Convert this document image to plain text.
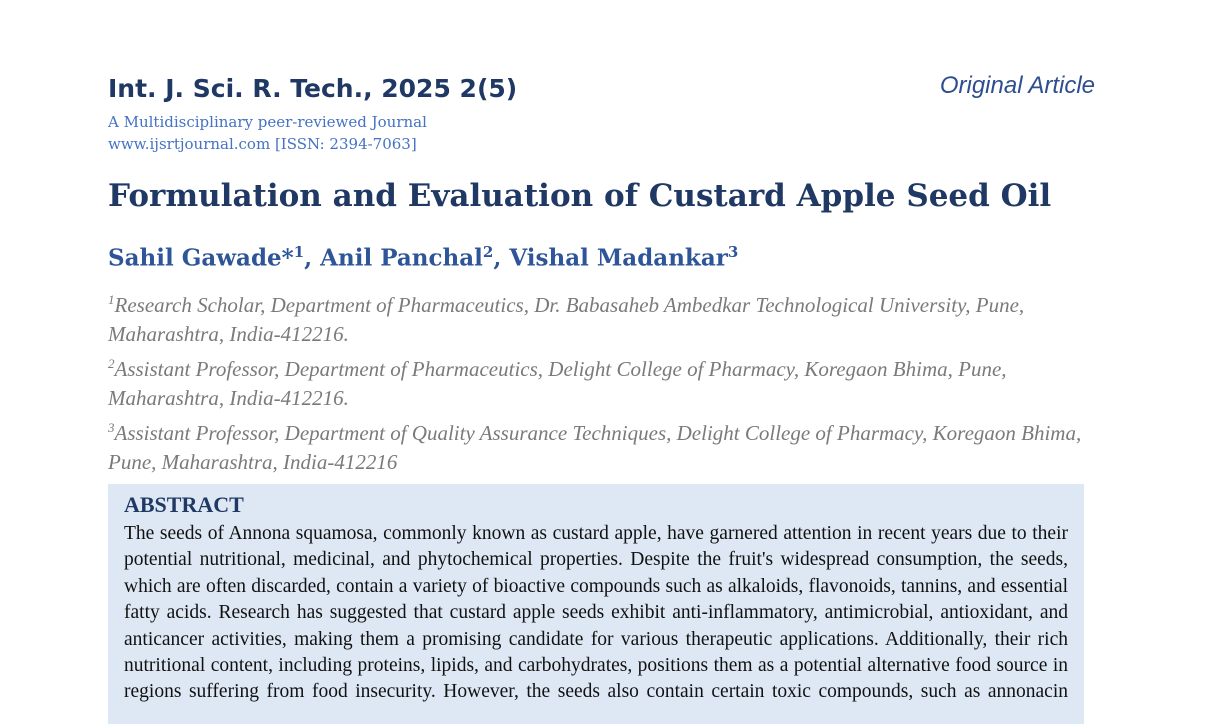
Int. J. Sci. R. Tech., 2025 2(5)	Original Article
A Multidisciplinary peer-reviewed Journal
www.ijsrtjournal.com [ISSN: 2394-7063]
Formulation and Evaluation of Custard Apple Seed Oil
Sahil Gawade*$^1$, Anil Panchal$^2$, Vishal Madankar$^3$

$^1$Research Scholar, Department of Pharmaceutics, Dr. Babasaheb Ambedkar Technological University, Pune, Maharashtra, India-412216.

$^2$Assistant Professor, Department of Pharmaceutics, Delight College of Pharmacy, Koregaon Bhima, Pune, Maharashtra, India-412216.

$^3$Assistant Professor, Department of Quality Assurance Techniques, Delight College of Pharmacy, Koregaon Bhima, Pune, Maharashtra, India-412216

ABSTRACT
The seeds of Annona squamosa, commonly known as custard apple, have garnered attention in recent years due to their potential nutritional, medicinal, and phytochemical properties. Despite the fruit's widespread consumption, the seeds, which are often discarded, contain a variety of bioactive compounds such as alkaloids, flavonoids, tannins, and essential fatty acids. Research has suggested that custard apple seeds exhibit anti-inflammatory, antimicrobial, antioxidant, and anticancer activities, making them a promising candidate for various therapeutic applications. Additionally, their rich nutritional content, including proteins, lipids, and carbohydrates, positions them as a potential alternative food source in regions suffering from food insecurity. However, the seeds also contain certain toxic compounds, such as annonacin
